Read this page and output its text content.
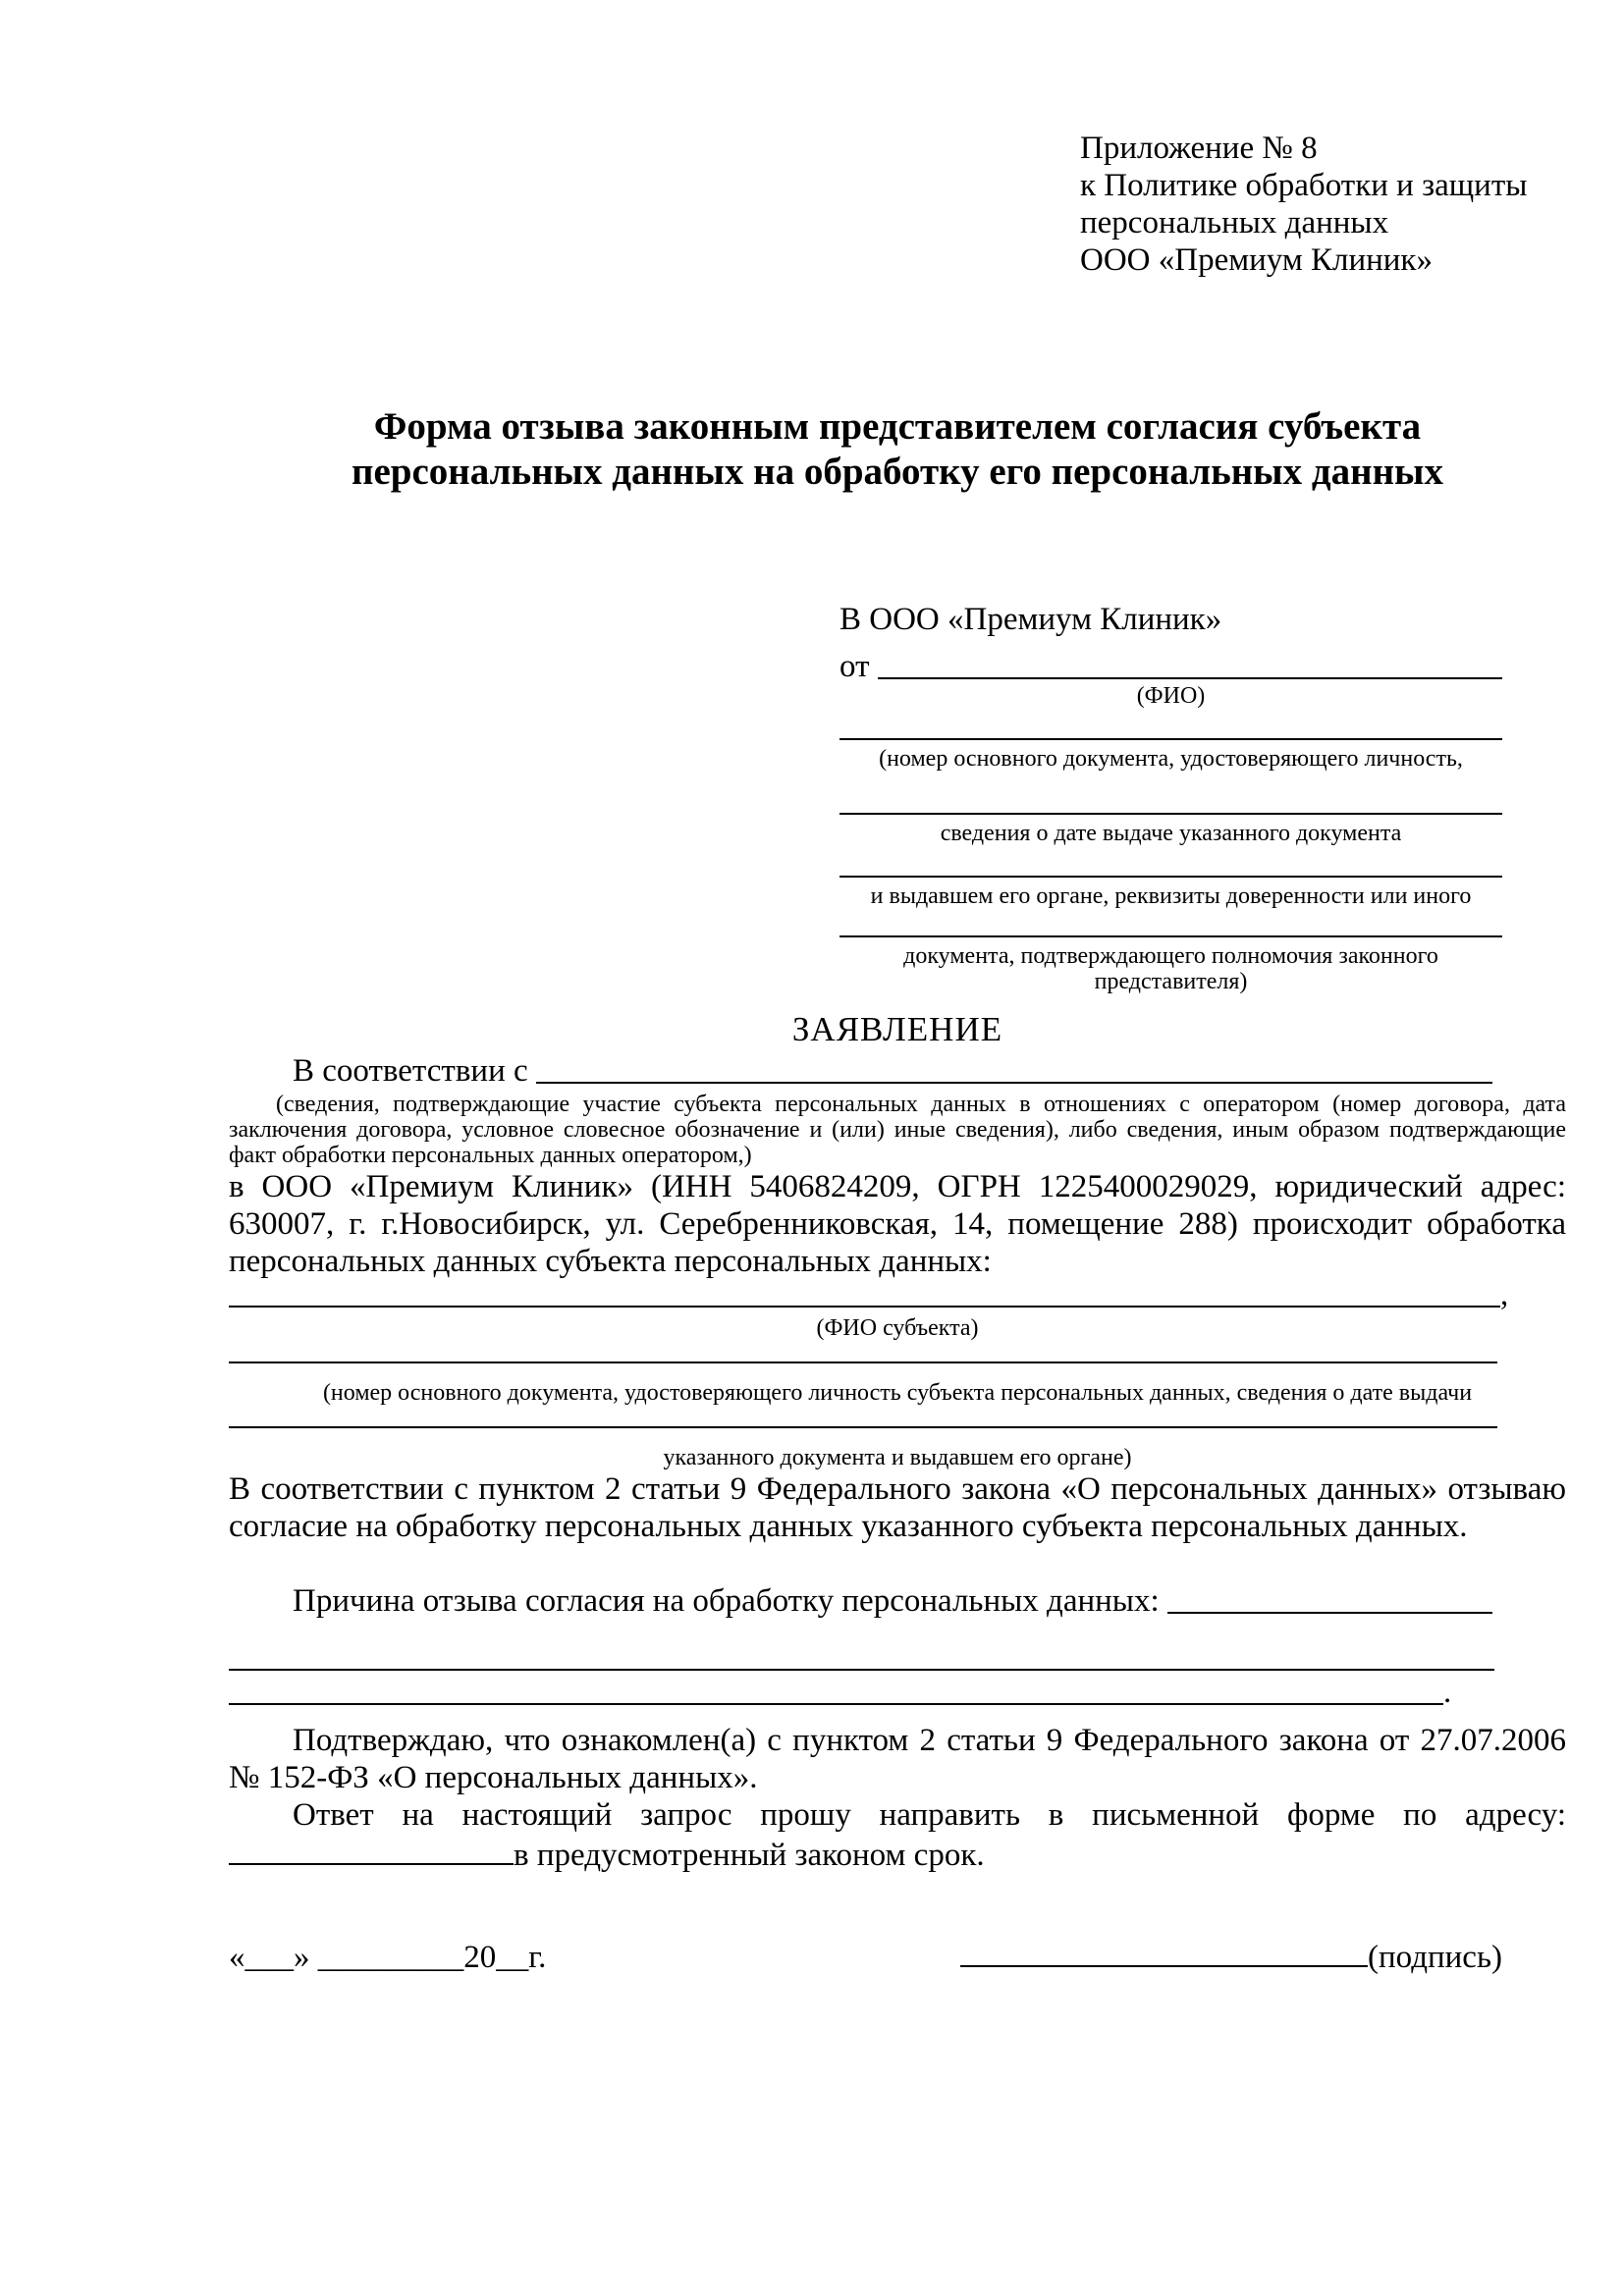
Приложение № 8
к Политике обработки и защиты
персональных данных
ООО «Премиум Клиник»
Форма отзыва законным представителем согласия субъекта
персональных данных на обработку его персональных данных
В ООО «Премиум Клиник»
от
(ФИО)
(номер основного документа, удостоверяющего личность,
сведения о дате выдаче указанного документа
и выдавшем его органе, реквизиты доверенности или иного
документа, подтверждающего полномочия законного представителя)
ЗАЯВЛЕНИЕ
В соответствии с
(сведения, подтверждающие участие субъекта персональных данных в отношениях с оператором (номер договора, дата заключения договора, условное словесное обозначение и (или) иные сведения), либо сведения, иным образом подтверждающие факт обработки персональных данных оператором,)
в ООО «Премиум Клиник» (ИНН 5406824209, ОГРН 1225400029029, юридический адрес: 630007, г. г.Новосибирск, ул. Серебренниковская, 14, помещение 288) происходит обработка персональных данных субъекта персональных данных:
,
(ФИО субъекта)
(номер основного документа, удостоверяющего личность субъекта персональных данных, сведения о дате выдачи
указанного документа и выдавшем его органе)
В соответствии с пунктом 2 статьи 9 Федерального закона «О персональных данных» отзываю согласие на обработку персональных данных указанного субъекта персональных данных.
Причина отзыва согласия на обработку персональных данных:
.
Подтверждаю, что ознакомлен(а) с пунктом 2 статьи 9 Федерального закона от 27.07.2006 № 152-ФЗ «О персональных данных».
Ответ на настоящий запрос прошу направить в письменной форме по адресу:
в предусмотренный законом срок.
«___» _________20__г.	(подпись)
